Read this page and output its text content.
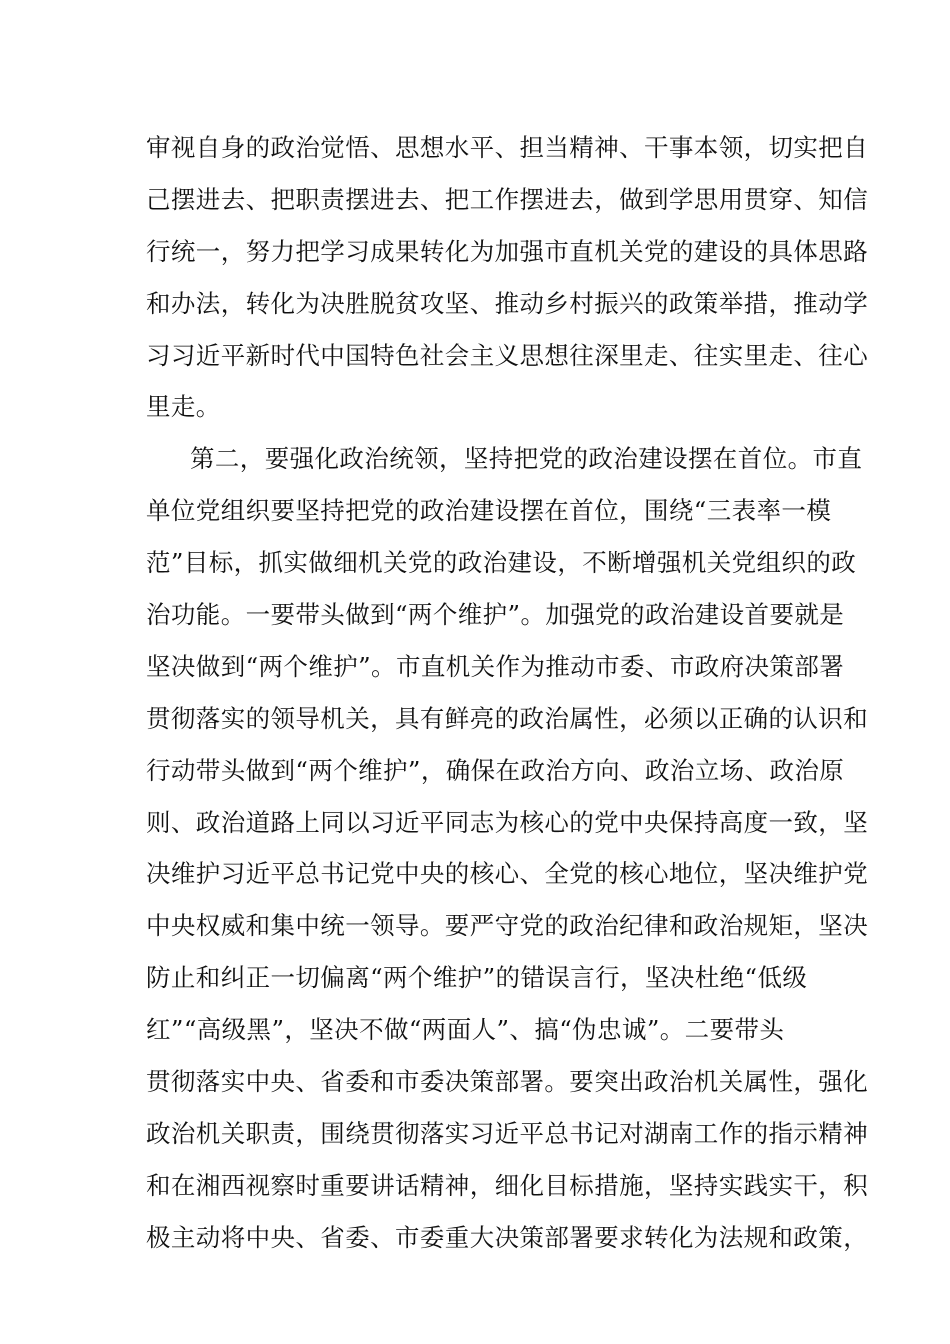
审视自身的政治觉悟、思想水平、担当精神、干事本领，切实把自
己摆进去、把职责摆进去、把工作摆进去，做到学思用贯穿、知信
行统一，努力把学习成果转化为加强市直机关党的建设的具体思路
和办法，转化为决胜脱贫攻坚、推动乡村振兴的政策举措，推动学
习习近平新时代中国特色社会主义思想往深里走、往实里走、往心
里走。
第二，要强化政治统领，坚持把党的政治建设摆在首位。市直
单位党组织要坚持把党的政治建设摆在首位，围绕“三表率一模
范”目标，抓实做细机关党的政治建设，不断增强机关党组织的政
治功能。一要带头做到“两个维护”。加强党的政治建设首要就是
坚决做到“两个维护”。市直机关作为推动市委、市政府决策部署
贯彻落实的领导机关，具有鲜亮的政治属性，必须以正确的认识和
行动带头做到“两个维护”，确保在政治方向、政治立场、政治原
则、政治道路上同以习近平同志为核心的党中央保持高度一致，坚
决维护习近平总书记党中央的核心、全党的核心地位，坚决维护党
中央权威和集中统一领导。要严守党的政治纪律和政治规矩，坚决
防止和纠正一切偏离“两个维护”的错误言行，坚决杜绝“低级
红”“高级黑”，坚决不做“两面人”、搞“伪忠诚”。二要带头
贯彻落实中央、省委和市委决策部署。要突出政治机关属性，强化
政治机关职责，围绕贯彻落实习近平总书记对湖南工作的指示精神
和在湘西视察时重要讲话精神，细化目标措施，坚持实践实干，积
极主动将中央、省委、市委重大决策部署要求转化为法规和政策，
